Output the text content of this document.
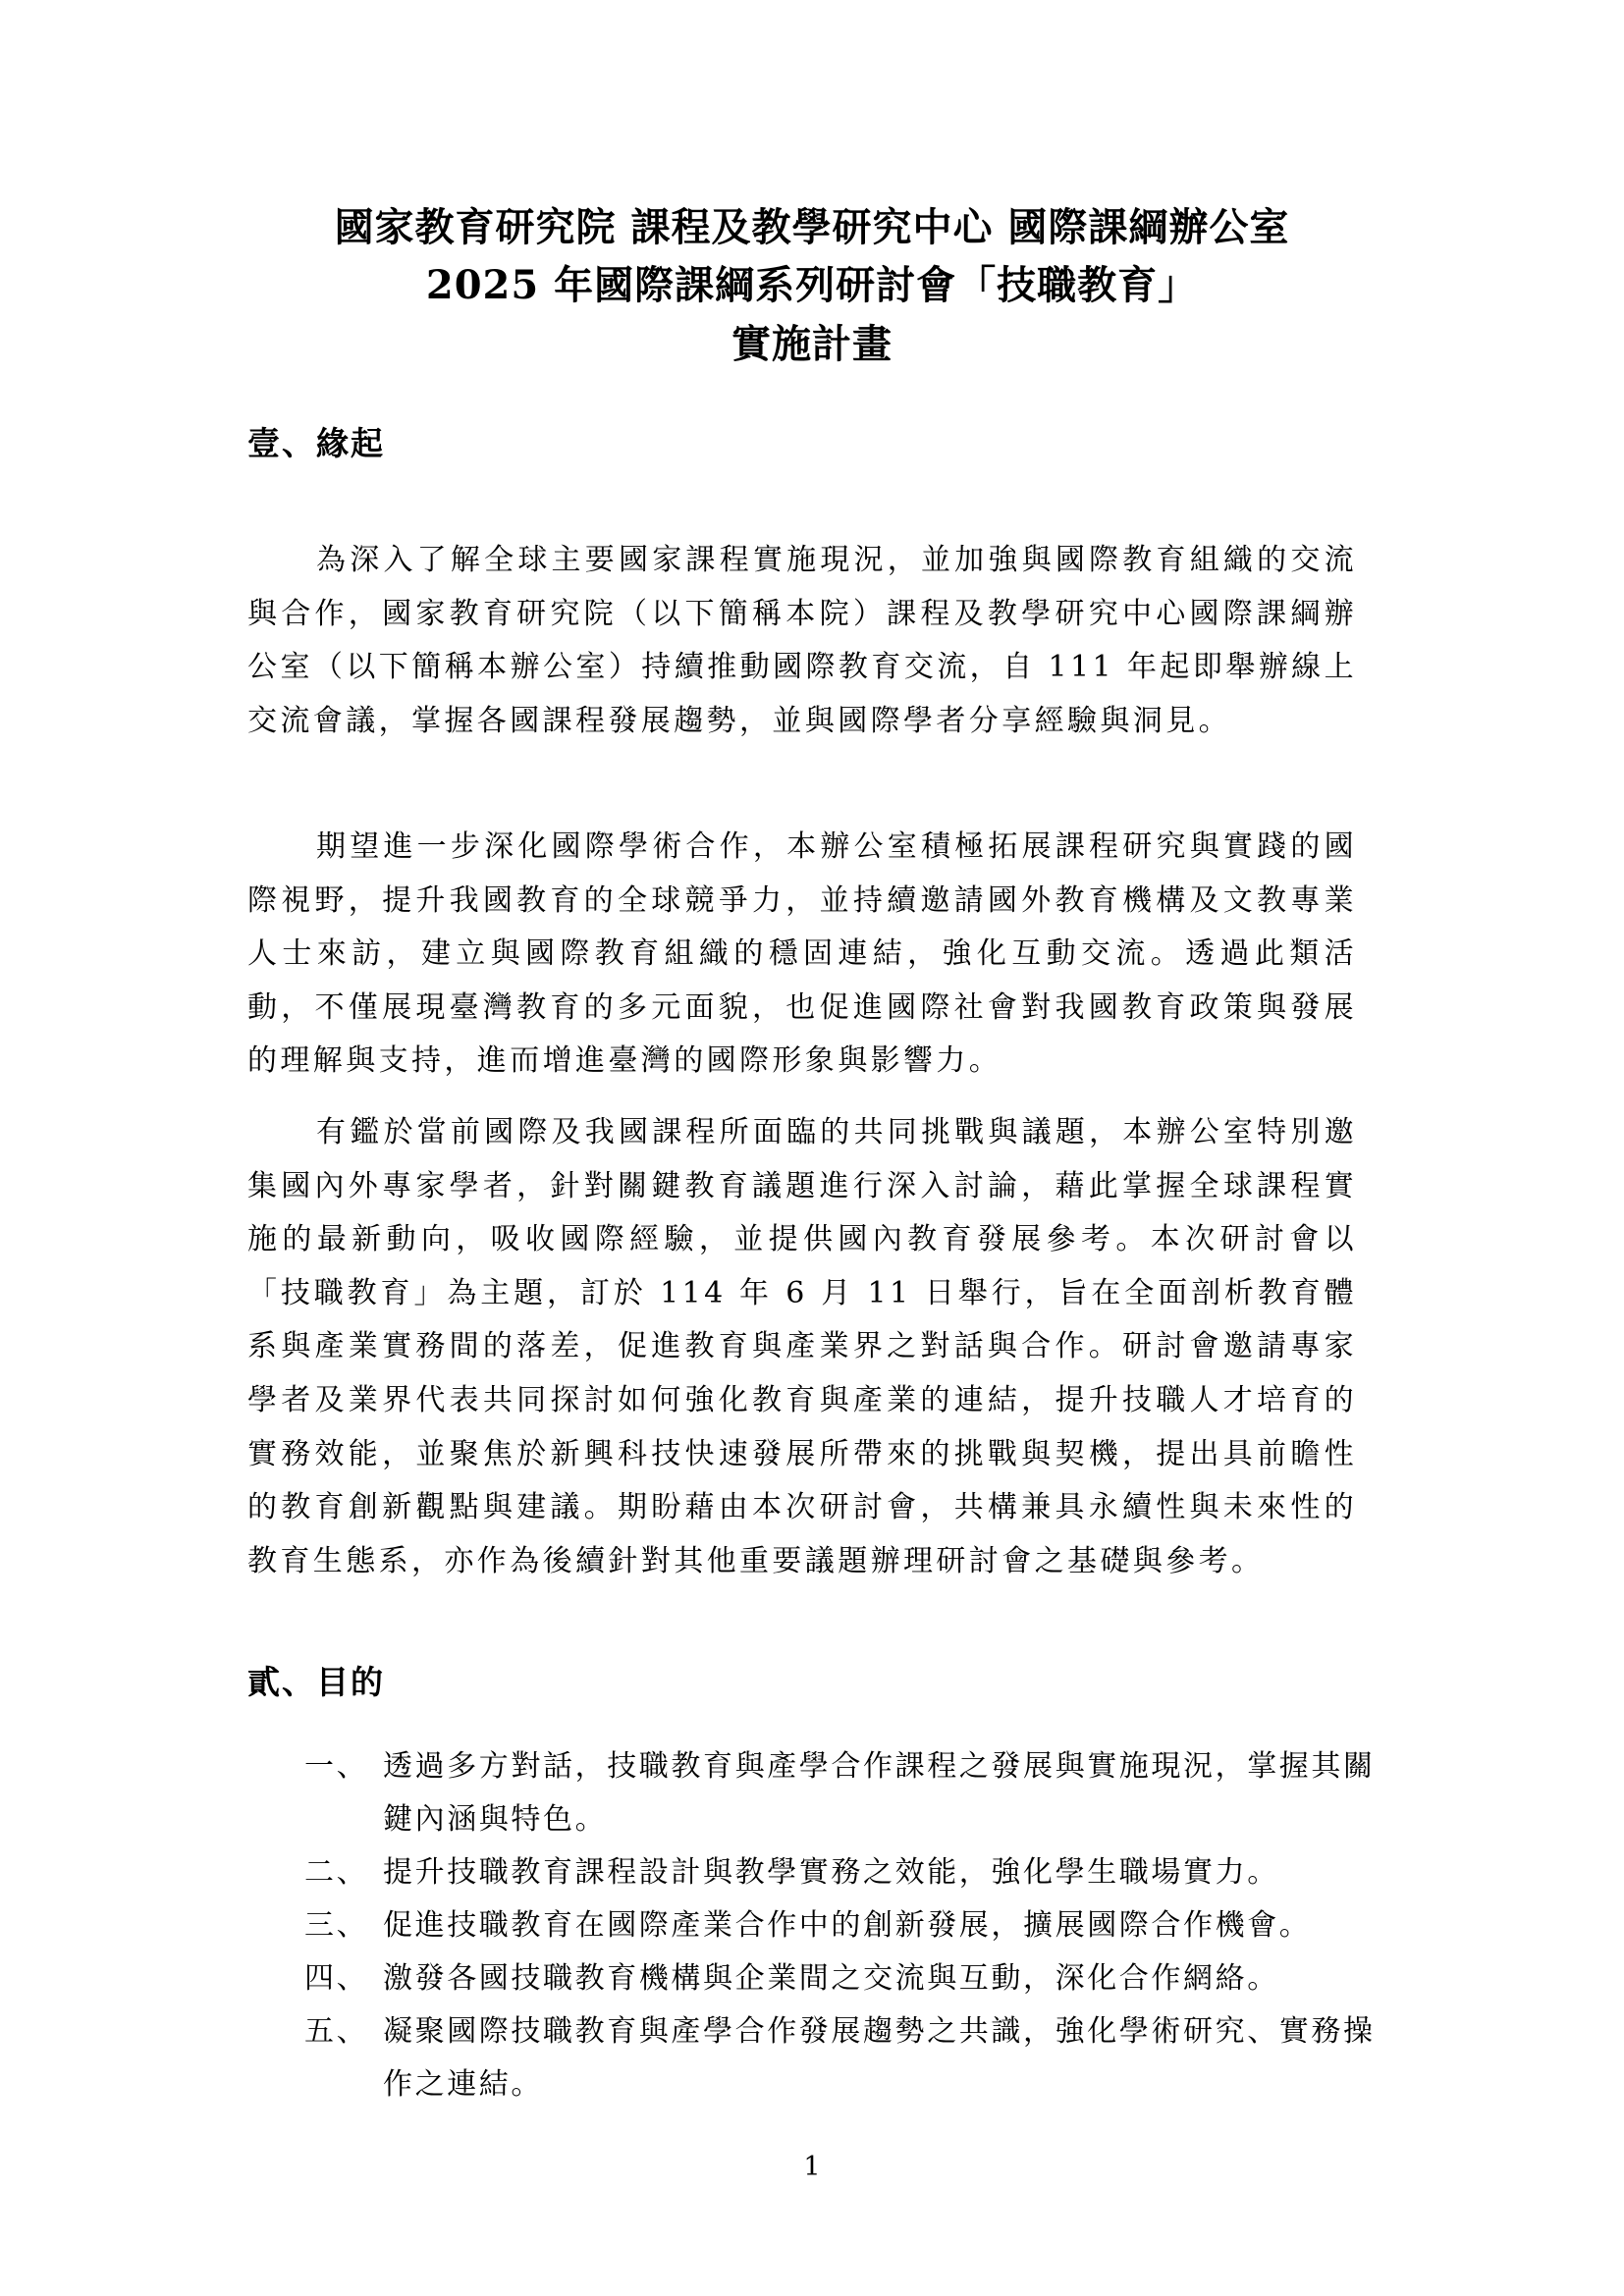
國家教育研究院 課程及教學研究中心 國際課綱辦公室
2025 年國際課綱系列研討會「技職教育」
實施計畫
壹、緣起

為深入了解全球主要國家課程實施現況，並加強與國際教育組織的交流與合作，國家教育研究院（以下簡稱本院）課程及教學研究中心國際課綱辦公室（以下簡稱本辦公室）持續推動國際教育交流，自 111 年起即舉辦線上交流會議，掌握各國課程發展趨勢，並與國際學者分享經驗與洞見。

期望進一步深化國際學術合作，本辦公室積極拓展課程研究與實踐的國際視野，提升我國教育的全球競爭力，並持續邀請國外教育機構及文教專業人士來訪，建立與國際教育組織的穩固連結，強化互動交流。透過此類活動，不僅展現臺灣教育的多元面貌，也促進國際社會對我國教育政策與發展的理解與支持，進而增進臺灣的國際形象與影響力。

有鑑於當前國際及我國課程所面臨的共同挑戰與議題，本辦公室特別邀集國內外專家學者，針對關鍵教育議題進行深入討論，藉此掌握全球課程實施的最新動向，吸收國際經驗，並提供國內教育發展參考。本次研討會以「技職教育」為主題，訂於 114 年 6 月 11 日舉行，旨在全面剖析教育體系與產業實務間的落差，促進教育與產業界之對話與合作。研討會邀請專家學者及業界代表共同探討如何強化教育與產業的連結，提升技職人才培育的實務效能，並聚焦於新興科技快速發展所帶來的挑戰與契機，提出具前瞻性的教育創新觀點與建議。期盼藉由本次研討會，共構兼具永續性與未來性的教育生態系，亦作為後續針對其他重要議題辦理研討會之基礎與參考。

貳、目的
一、 透過多方對話，技職教育與產學合作課程之發展與實施現況，掌握其關鍵內涵與特色。
二、 提升技職教育課程設計與教學實務之效能，強化學生職場實力。
三、 促進技職教育在國際產業合作中的創新發展，擴展國際合作機會。
四、 激發各國技職教育機構與企業間之交流與互動，深化合作網絡。
五、 凝聚國際技職教育與產學合作發展趨勢之共識，強化學術研究、實務操作之連結。
1
